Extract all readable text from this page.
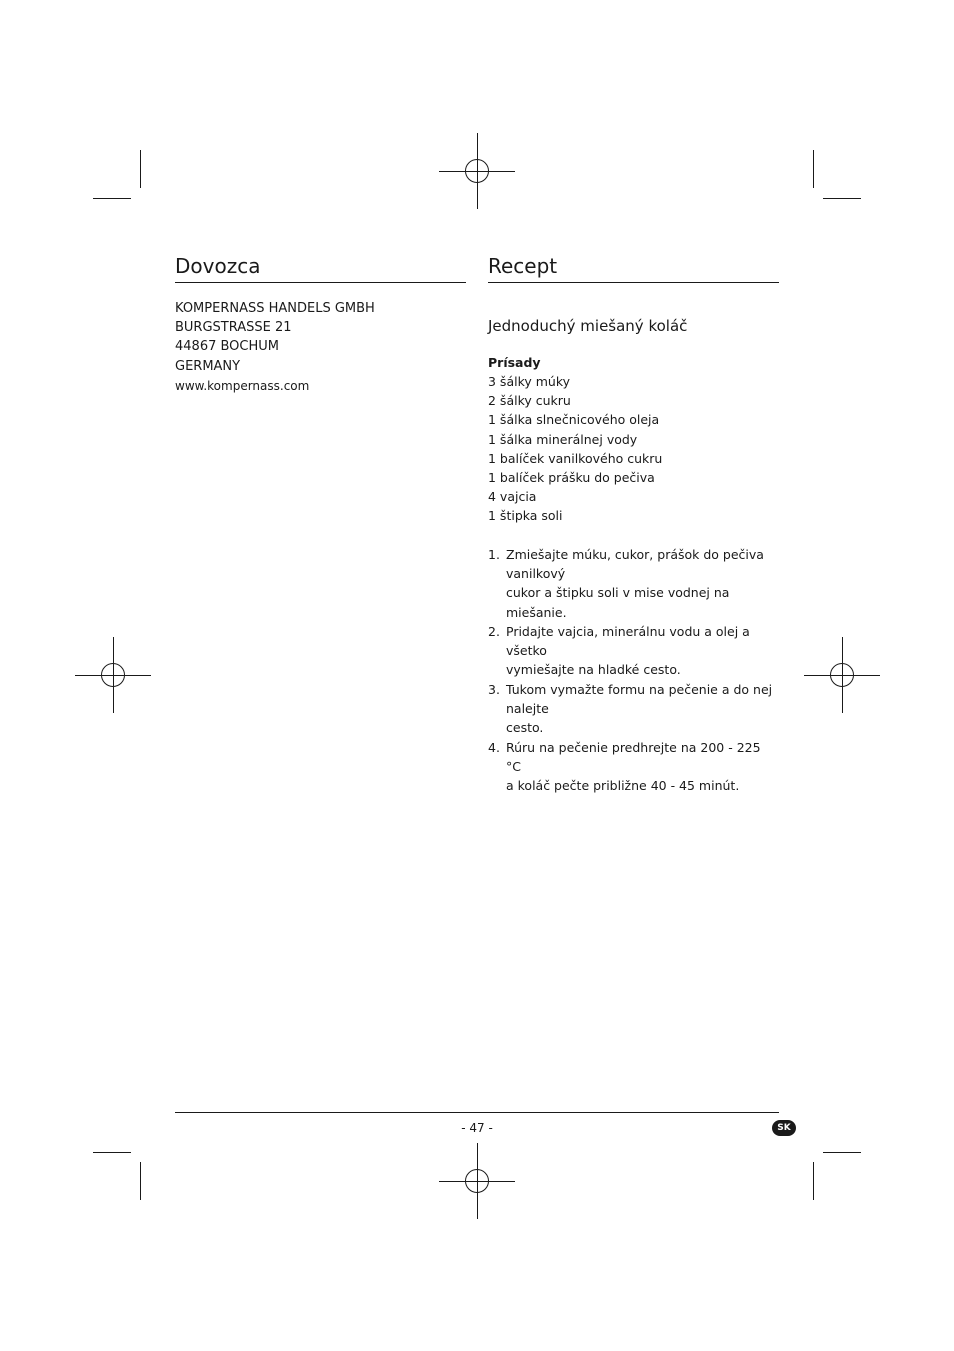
Dovozca
KOMPERNASS HANDELS GMBH
BURGSTRASSE 21
44867 BOCHUM
GERMANY
www.kompernass.com
Recept
Jednoduchý miešaný koláč
Prísady
3 šálky múky
2 šálky cukru
1 šálka slnečnicového oleja
1 šálka minerálnej vody
1 balíček vanilkového cukru
1 balíček prášku do pečiva
4 vajcia
1 štipka soli
1. Zmiešajte múku, cukor, prášok do pečiva vanilkový
cukor a štipku soli v mise vodnej na miešanie.
2. Pridajte vajcia, minerálnu vodu a olej a všetko
vymiešajte na hladké cesto.
3. Tukom vymažte formu na pečenie a do nej nalejte
cesto.
4. Rúru na pečenie predhrejte na 200 - 225 °C
a koláč pečte približne 40 - 45 minút.
- 47 -	SK
